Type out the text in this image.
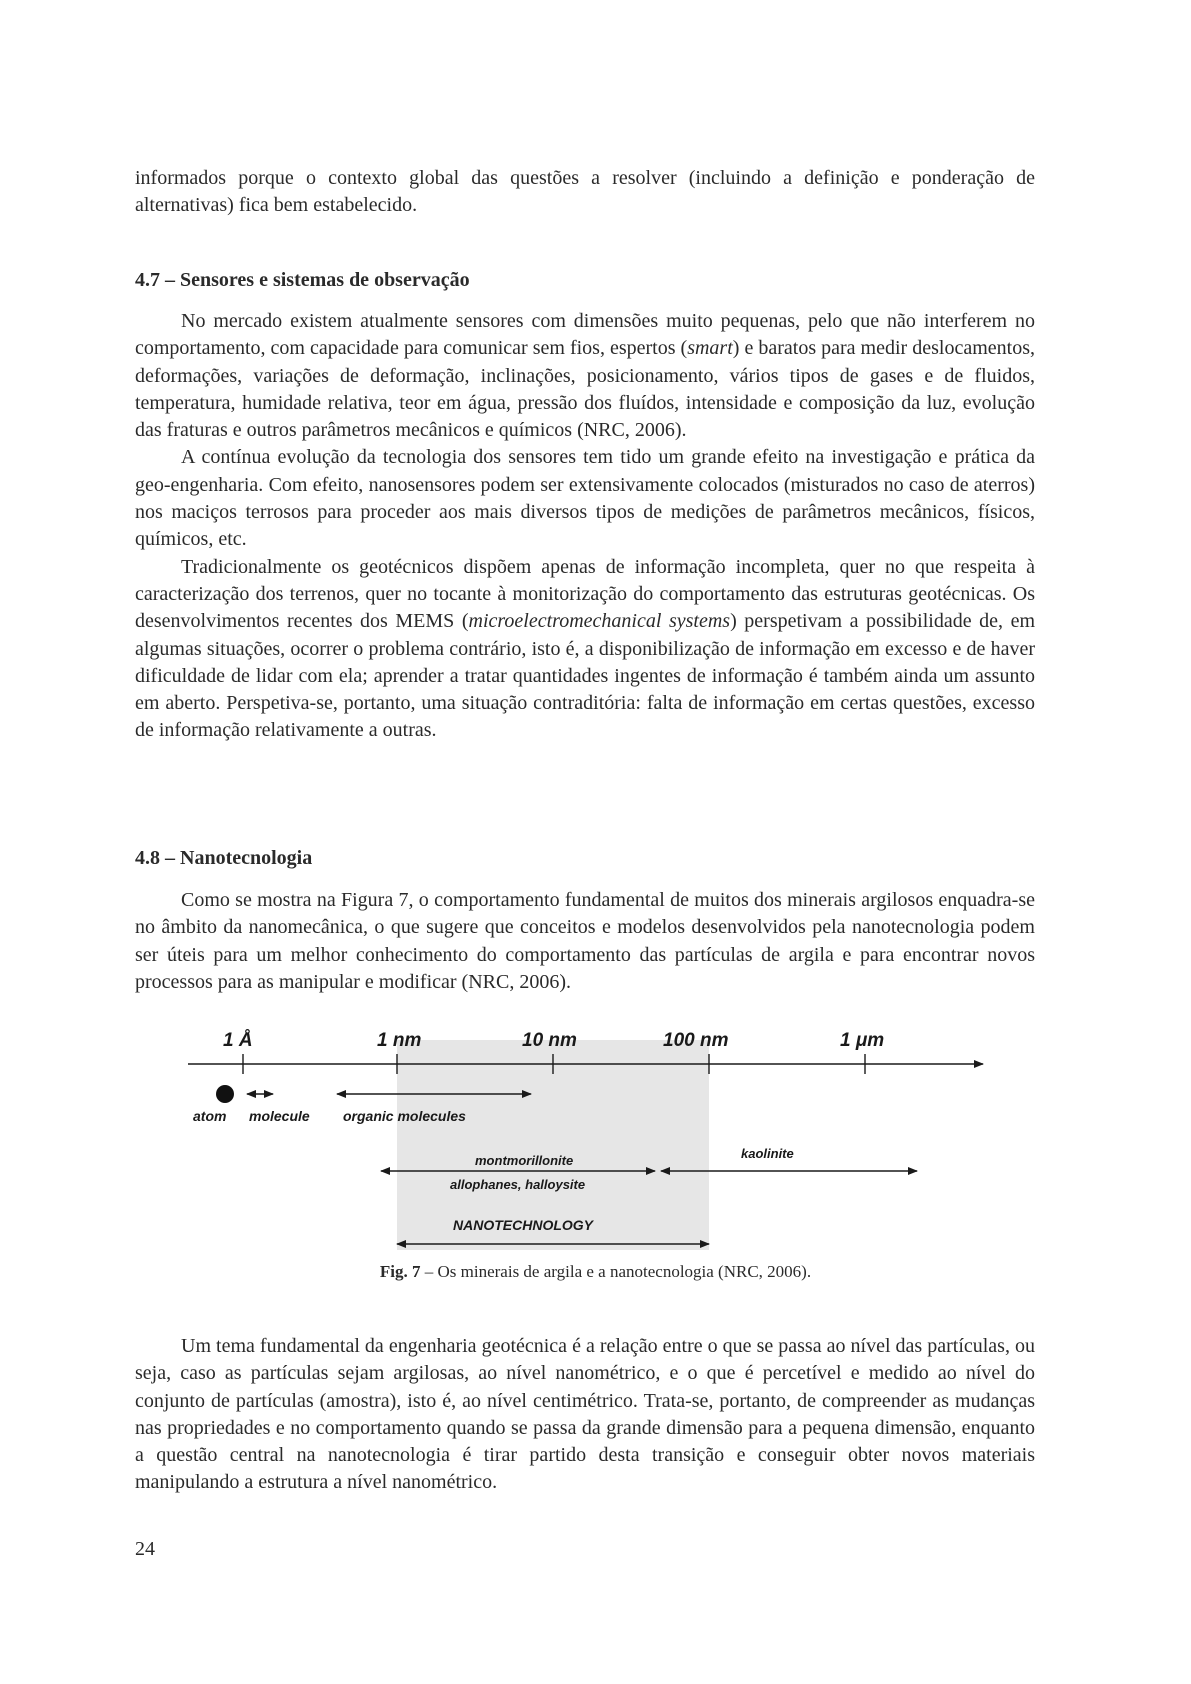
informados porque o contexto global das questões a resolver (incluindo a definição e ponderação de alternativas) fica bem estabelecido.

4.7 – Sensores e sistemas de observação

No mercado existem atualmente sensores com dimensões muito pequenas, pelo que não interferem no comportamento, com capacidade para comunicar sem fios, espertos (smart) e baratos para medir deslocamentos, deformações, variações de deformação, inclinações, posicionamento, vários tipos de gases e de fluidos, temperatura, humidade relativa, teor em água, pressão dos fluídos, intensidade e composição da luz, evolução das fraturas e outros parâmetros mecânicos e químicos (NRC, 2006).

A contínua evolução da tecnologia dos sensores tem tido um grande efeito na investigação e prática da geo-engenharia. Com efeito, nanosensores podem ser extensivamente colocados (misturados no caso de aterros) nos maciços terrosos para proceder aos mais diversos tipos de medições de parâmetros mecânicos, físicos, químicos, etc.

Tradicionalmente os geotécnicos dispõem apenas de informação incompleta, quer no que respeita à caracterização dos terrenos, quer no tocante à monitorização do comportamento das estruturas geotécnicas. Os desenvolvimentos recentes dos MEMS (microelectromechanical systems) perspetivam a possibilidade de, em algumas situações, ocorrer o problema contrário, isto é, a disponibilização de informação em excesso e de haver dificuldade de lidar com ela; aprender a tratar quantidades ingentes de informação é também ainda um assunto em aberto. Perspetiva-se, portanto, uma situação contraditória: falta de informação em certas questões, excesso de informação relativamente a outras.

4.8 – Nanotecnologia

Como se mostra na Figura 7, o comportamento fundamental de muitos dos minerais argilosos enquadra-se no âmbito da nanomecânica, o que sugere que conceitos e modelos desenvolvidos pela nanotecnologia podem ser úteis para um melhor conhecimento do comportamento das partículas de argila e para encontrar novos processos para as manipular e modificar (NRC, 2006).

1 Å	1 nm	10 nm	100 nm	1 μm
atom molecule organic molecules
montmorillonite
allophanes, halloysite
kaolinite
NANOTECHNOLOGY
Fig. 7 – Os minerais de argila e a nanotecnologia (NRC, 2006).

Um tema fundamental da engenharia geotécnica é a relação entre o que se passa ao nível das partículas, ou seja, caso as partículas sejam argilosas, ao nível nanométrico, e o que é percetível e medido ao nível do conjunto de partículas (amostra), isto é, ao nível centimétrico. Trata-se, portanto, de compreender as mudanças nas propriedades e no comportamento quando se passa da grande dimensão para a pequena dimensão, enquanto a questão central na nanotecnologia é tirar partido desta transição e conseguir obter novos materiais manipulando a estrutura a nível nanométrico.

24
